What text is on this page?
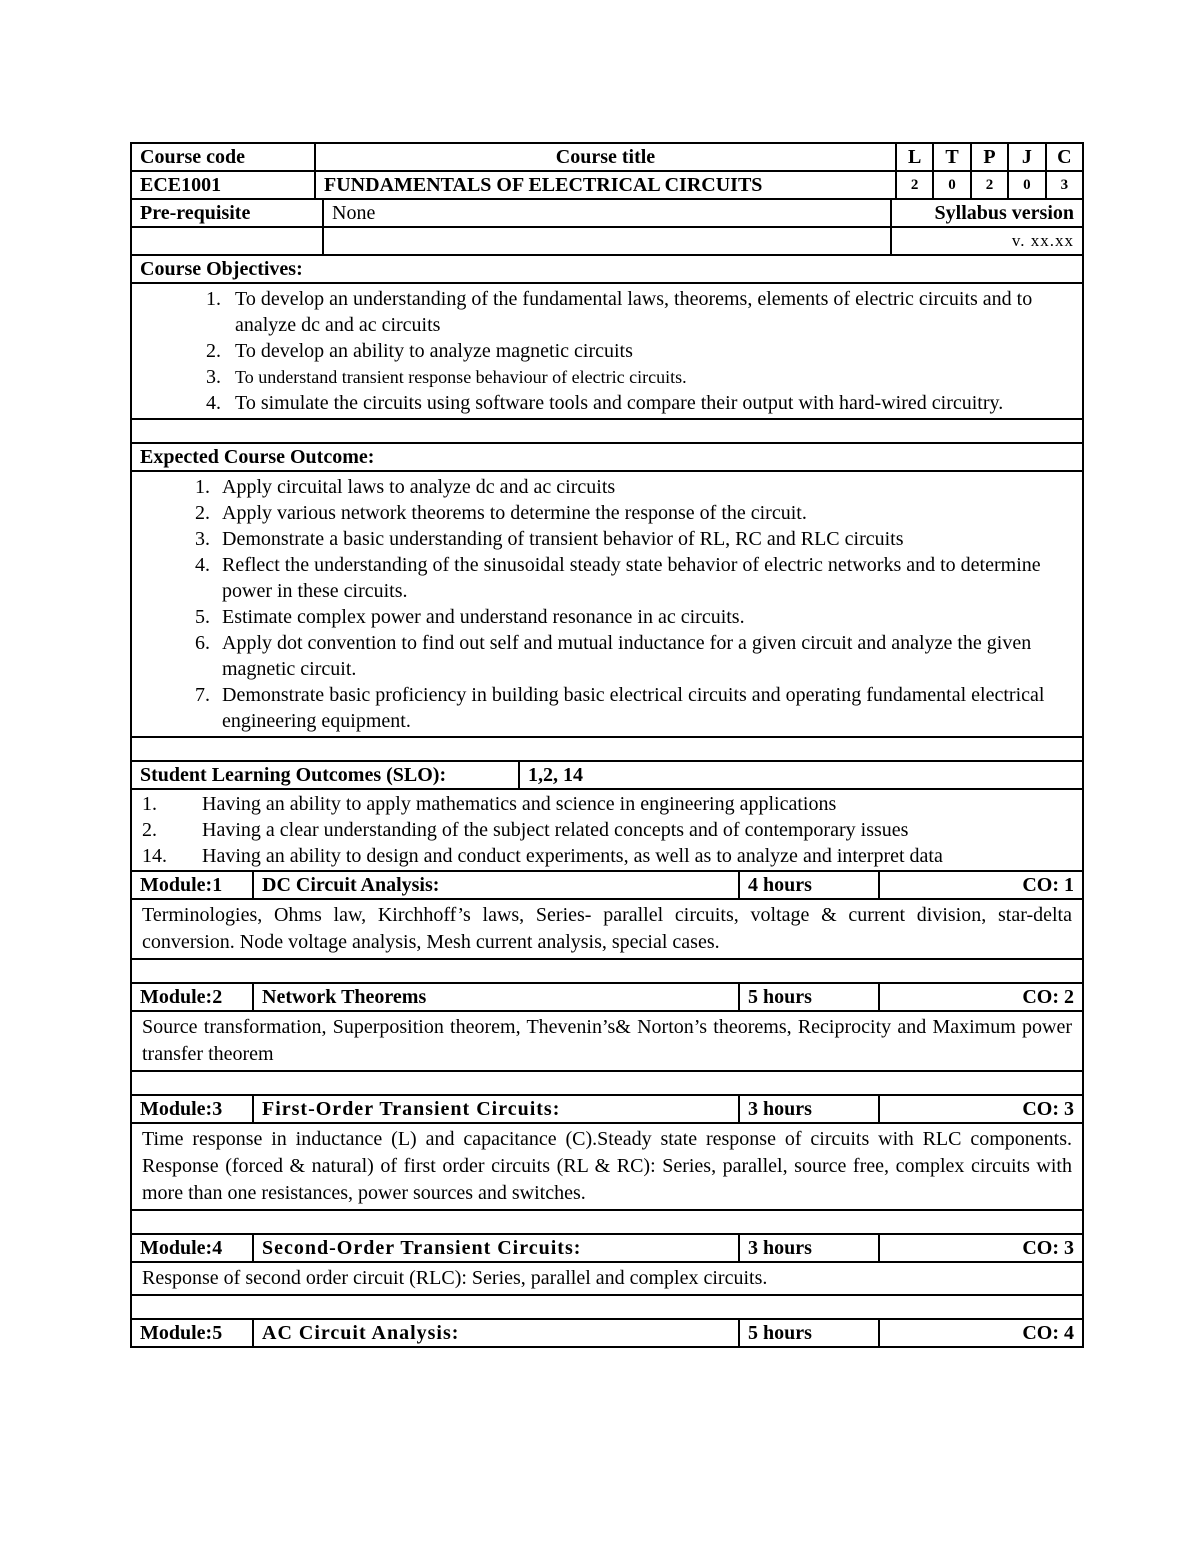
Course code	Course title	L	T	P	J	C
ECE1001	FUNDAMENTALS OF ELECTRICAL CIRCUITS	2	0	2	0	3
Pre-requisite	None	Syllabus version
v. xx.xx
Course Objectives:
1. To develop an understanding of the fundamental laws, theorems, elements of electric circuits and to analyze dc and ac circuits
2. To develop an ability to analyze magnetic circuits
3. To understand transient response behaviour of electric circuits.
4. To simulate the circuits using software tools and compare their output with hard-wired circuitry.
Expected Course Outcome:
1. Apply circuital laws to analyze dc and ac circuits
2. Apply various network theorems to determine the response of the circuit.
3. Demonstrate a basic understanding of transient behavior of RL, RC and RLC circuits
4. Reflect the understanding of the sinusoidal steady state behavior of electric networks and to determine power in these circuits.
5. Estimate complex power and understand resonance in ac circuits.
6. Apply dot convention to find out self and mutual inductance for a given circuit and analyze the given magnetic circuit.
7. Demonstrate basic proficiency in building basic electrical circuits and operating fundamental electrical engineering equipment.
Student Learning Outcomes (SLO):	1,2, 14
1.	Having an ability to apply mathematics and science in engineering applications
2.	Having a clear understanding of the subject related concepts and of contemporary issues
14. Having an ability to design and conduct experiments, as well as to analyze and interpret data
Module:1	DC Circuit Analysis:	4 hours	CO: 1
Terminologies, Ohms law, Kirchhoff’s laws, Series- parallel circuits, voltage & current division, star-delta conversion. Node voltage analysis, Mesh current analysis, special cases.
Module:2	Network Theorems	5 hours	CO: 2
Source transformation, Superposition theorem, Thevenin’s& Norton’s theorems, Reciprocity and Maximum power transfer theorem
Module:3	First-Order Transient Circuits:	3 hours	CO: 3
Time response in inductance (L) and capacitance (C).Steady state response of circuits with RLC components. Response (forced & natural) of first order circuits (RL & RC): Series, parallel, source free, complex circuits with more than one resistances, power sources and switches.
Module:4	Second-Order Transient Circuits:	3 hours	CO: 3
Response of second order circuit (RLC): Series, parallel and complex circuits.
Module:5	AC Circuit Analysis:	5 hours	CO: 4
